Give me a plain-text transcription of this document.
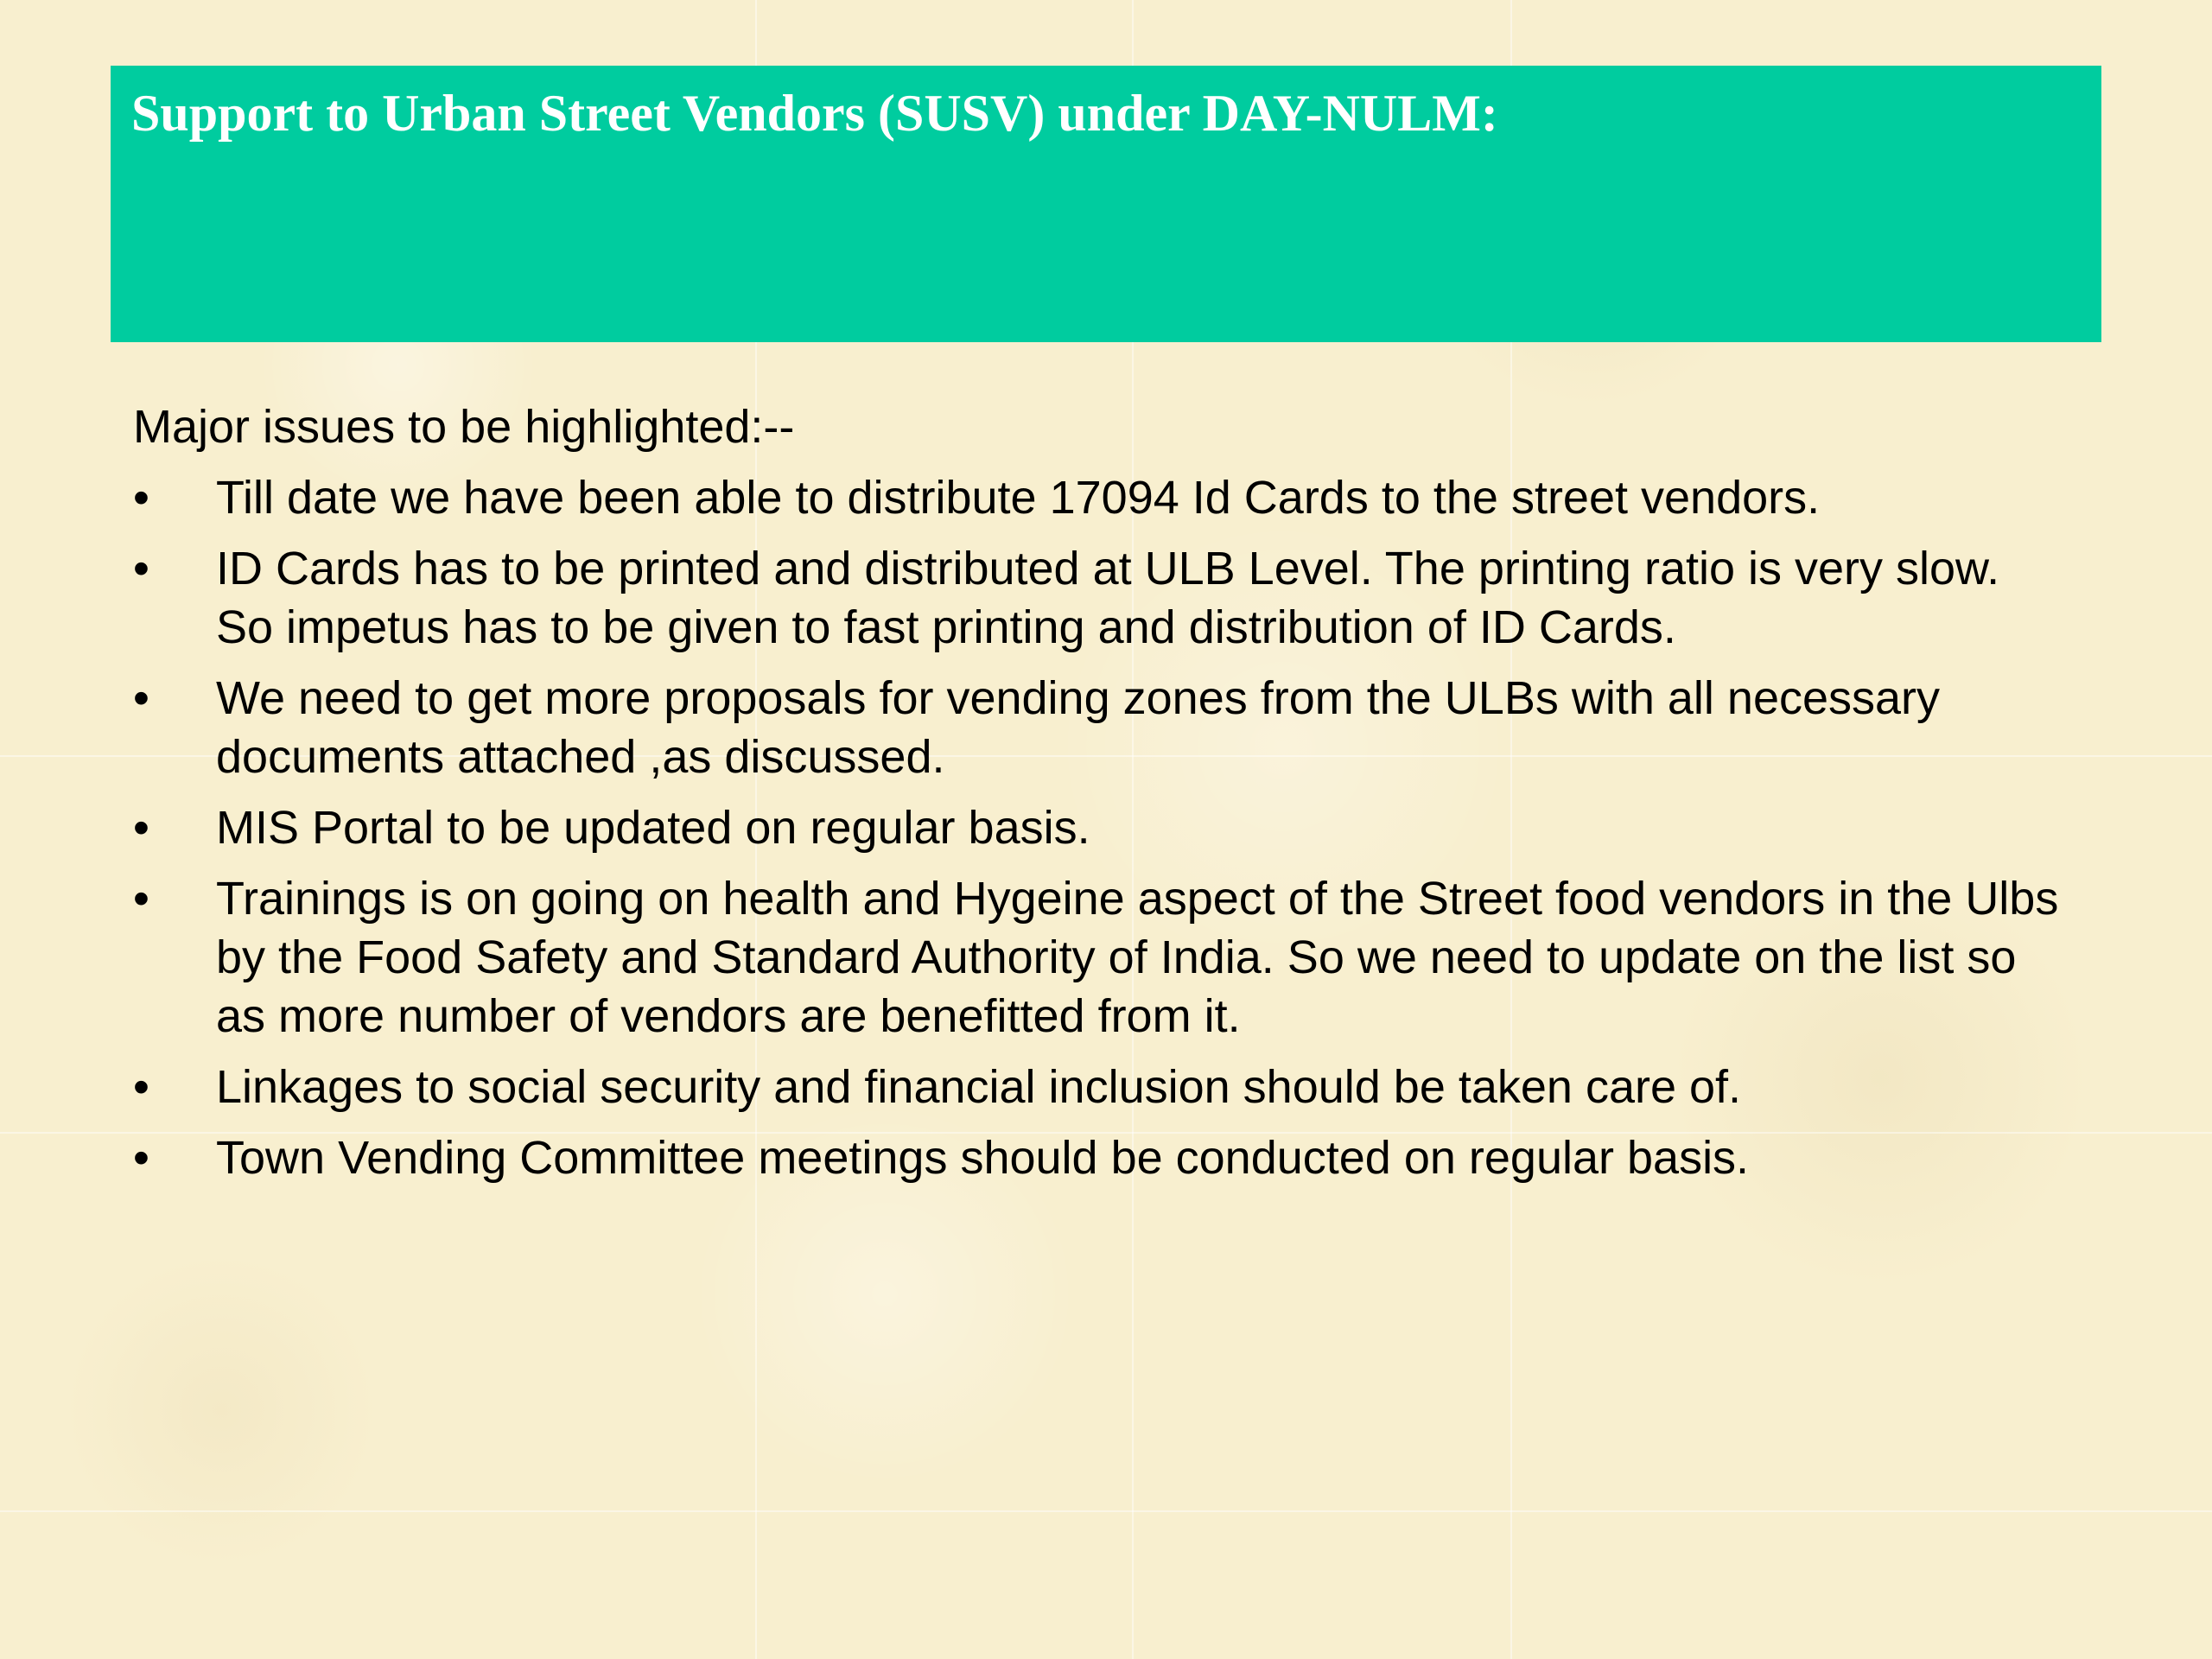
Support to Urban Street Vendors (SUSV) under DAY-NULM:

Major issues to be highlighted:--

•	Till date we have been able to distribute 17094 Id Cards to the street vendors.
•	ID Cards has to be printed and distributed at ULB Level. The printing ratio is very slow. So impetus has to be given to fast printing and distribution of ID Cards.
•	We need to get more proposals for vending zones from the ULBs with all necessary documents attached ,as discussed.
•	MIS Portal to be updated on regular basis.
•	Trainings is on going on health and Hygeine aspect of the Street food vendors in the Ulbs by the Food Safety and Standard Authority of India. So we need to update on the list so as more number of vendors are benefitted from it.
•	Linkages to social security and financial inclusion should be taken care of.
•	Town Vending Committee meetings should be conducted on regular basis.
